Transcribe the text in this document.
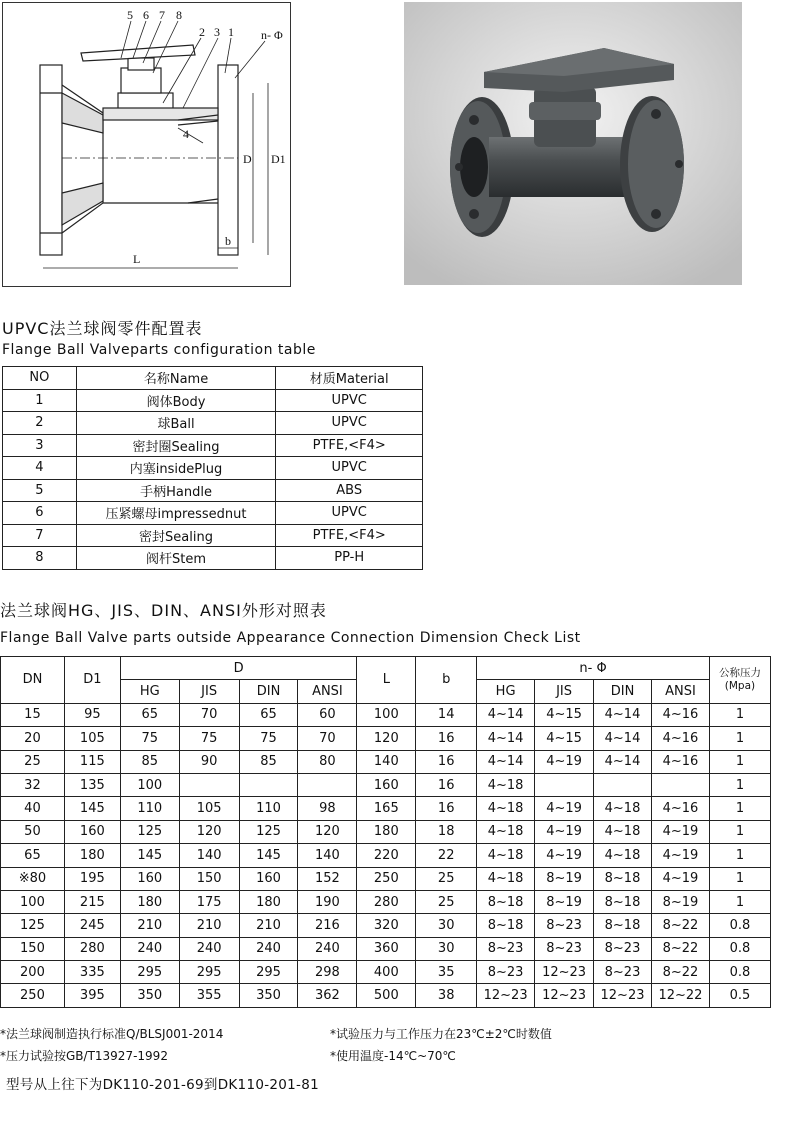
5 6 7 8
2 3 1 n- Φ
4
D D1
b
L
UPVC法兰球阀零件配置表
Flange Ball Valveparts configuration table
NO	名称Name	材质Material
1	阀体Body	UPVC
2	球Ball	UPVC
3	密封圈Sealing	PTFE,<F4>
4	内塞insidePlug	UPVC
5	手柄Handle	ABS
6	压紧螺母impressednut	UPVC
7	密封Sealing	PTFE,<F4>
8	阀杆Stem	PP-H
法兰球阀HG、JIS、DIN、ANSI外形对照表
Flange Ball Valve parts outside Appearance Connection Dimension Check List
DN	D1	D				L	b	n- Φ				公称压力
(Mpa)

		HG	JIS	DIN	ANSI			HG	JIS	DIN	ANSI	
15	95	65	70	65	60	100	14	4~14	4~15	4~14	4~16	1
20	105	75	75	75	70	120	16	4~14	4~15	4~14	4~16	1
25	115	85	90	85	80	140	16	4~14	4~19	4~14	4~16	1
32	135	100				160	16	4~18				1
40	145	110	105	110	98	165	16	4~18	4~19	4~18	4~16	1
50	160	125	120	125	120	180	18	4~18	4~19	4~18	4~19	1
65	180	145	140	145	140	220	22	4~18	4~19	4~18	4~19	1
※80	195	160	150	160	152	250	25	4~18	8~19	8~18	4~19	1
100	215	180	175	180	190	280	25	8~18	8~19	8~18	8~19	1
125	245	210	210	210	216	320	30	8~18	8~23	8~18	8~22	0.8
150	280	240	240	240	240	360	30	8~23	8~23	8~23	8~22	0.8
200	335	295	295	295	298	400	35	8~23	12~23	8~23	8~22	0.8
250	395	350	355	350	362	500	38	12~23	12~23	12~23	12~22	0.5
*法兰球阀制造执行标准Q/BLSJ001-2014	*试验压力与工作压力在23℃±2℃时数值
*压力试验按GB/T13927-1992	*使用温度-14℃~70℃
型号从上往下为DK110-201-69到DK110-201-81
